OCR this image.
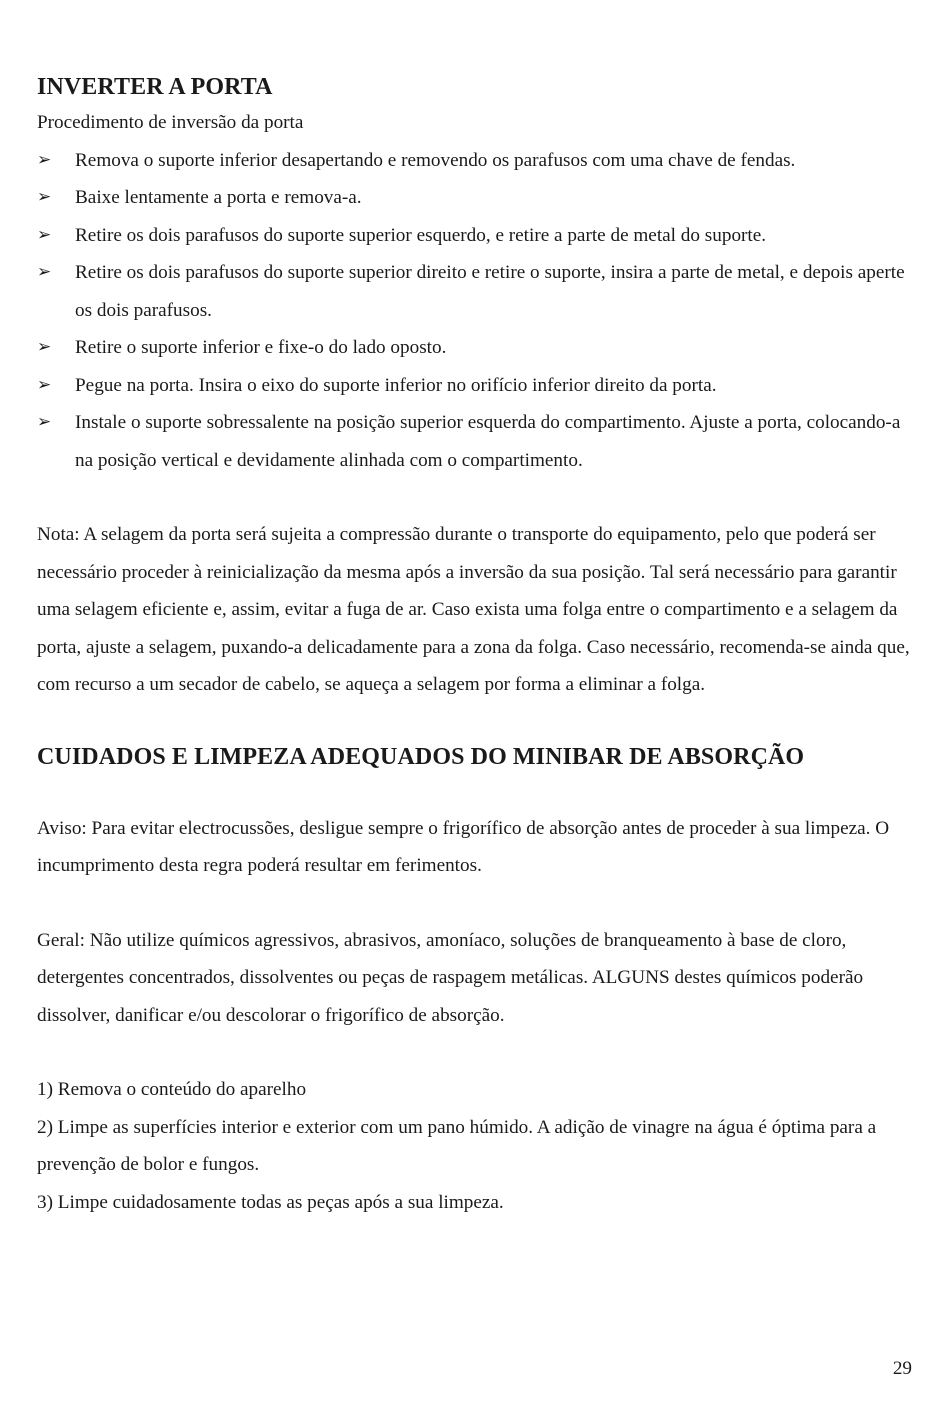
INVERTER A PORTA

Procedimento de inversão da porta

➢ Remova o suporte inferior desapertando e removendo os parafusos com uma chave de fendas.
➢ Baixe lentamente a porta e remova-a.
➢ Retire os dois parafusos do suporte superior esquerdo, e retire a parte de metal do suporte.
➢ Retire os dois parafusos do suporte superior direito e retire o suporte, insira a parte de metal, e depois aperte os dois parafusos.
➢ Retire o suporte inferior e fixe-o do lado oposto.
➢ Pegue na porta. Insira o eixo do suporte inferior no orifício inferior direito da porta.
➢ Instale o suporte sobressalente na posição superior esquerda do compartimento. Ajuste a porta, colocando-a na posição vertical e devidamente alinhada com o compartimento.

Nota: A selagem da porta será sujeita a compressão durante o transporte do equipamento, pelo que poderá ser necessário proceder à reinicialização da mesma após a inversão da sua posição. Tal será necessário para garantir uma selagem eficiente e, assim, evitar a fuga de ar. Caso exista uma folga entre o compartimento e a selagem da porta, ajuste a selagem, puxando-a delicadamente para a zona da folga. Caso necessário, recomenda-se ainda que, com recurso a um secador de cabelo, se aqueça a selagem por forma a eliminar a folga.

CUIDADOS E LIMPEZA ADEQUADOS DO MINIBAR DE ABSORÇÃO

Aviso: Para evitar electrocussões, desligue sempre o frigorífico de absorção antes de proceder à sua limpeza. O incumprimento desta regra poderá resultar em ferimentos.

Geral: Não utilize químicos agressivos, abrasivos, amoníaco, soluções de branqueamento à base de cloro,

detergentes concentrados, dissolventes ou peças de raspagem metálicas. ALGUNS destes químicos poderão dissolver, danificar e/ou descolorar o frigorífico de absorção.

1) Remova o conteúdo do aparelho

2) Limpe as superfícies interior e exterior com um pano húmido. A adição de vinagre na água é óptima para a prevenção de bolor e fungos.

3) Limpe cuidadosamente todas as peças após a sua limpeza.

29
